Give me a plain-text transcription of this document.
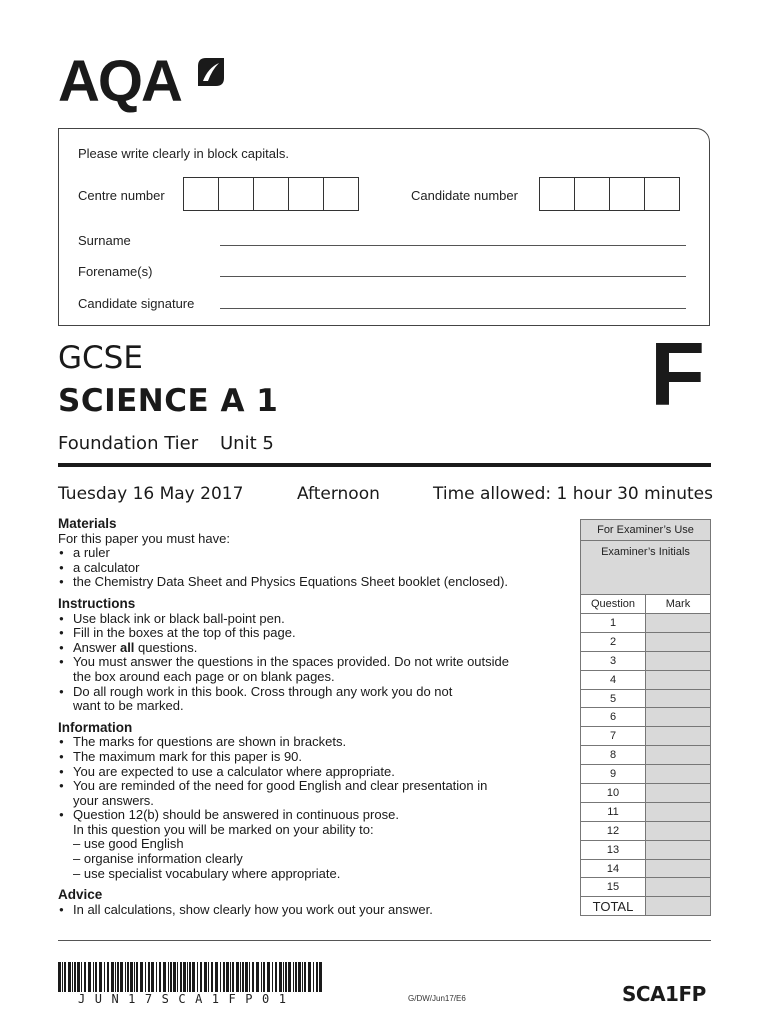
AQA
Please write clearly in block capitals.
Centre number	Candidate number
Surname
Forename(s)
Candidate signature
GCSE
SCIENCE A 1
Foundation Tier Unit 5
F
Tuesday 16 May 2017	Afternoon	Time allowed: 1 hour 30 minutes
Materials
For this paper you must have:
● a ruler
● a calculator
● the Chemistry Data Sheet and Physics Equations Sheet booklet (enclosed).
Instructions
● Use black ink or black ball-point pen.
● Fill in the boxes at the top of this page.
● Answer all questions.
● You must answer the questions in the spaces provided. Do not write outside
the box around each page or on blank pages.
● Do all rough work in this book. Cross through any work you do not
want to be marked.
Information
● The marks for questions are shown in brackets.
● The maximum mark for this paper is 90.
● You are expected to use a calculator where appropriate.
● You are reminded of the need for good English and clear presentation in
your answers.
● Question 12(b) should be answered in continuous prose.
In this question you will be marked on your ability to:
– use good English
– organise information clearly
– use specialist vocabulary where appropriate.
Advice
● In all calculations, show clearly how you work out your answer.
For Examiner’s Use	
Examiner’s Initials	
Question	Mark
1	
2	
3	
4	
5	
6	
7	
8	
9	
10	
11	
12	
13	
14	
15	
TOTAL	
JUN17SCA1FP01	G/DW/Jun17/E6	SCA1FP
